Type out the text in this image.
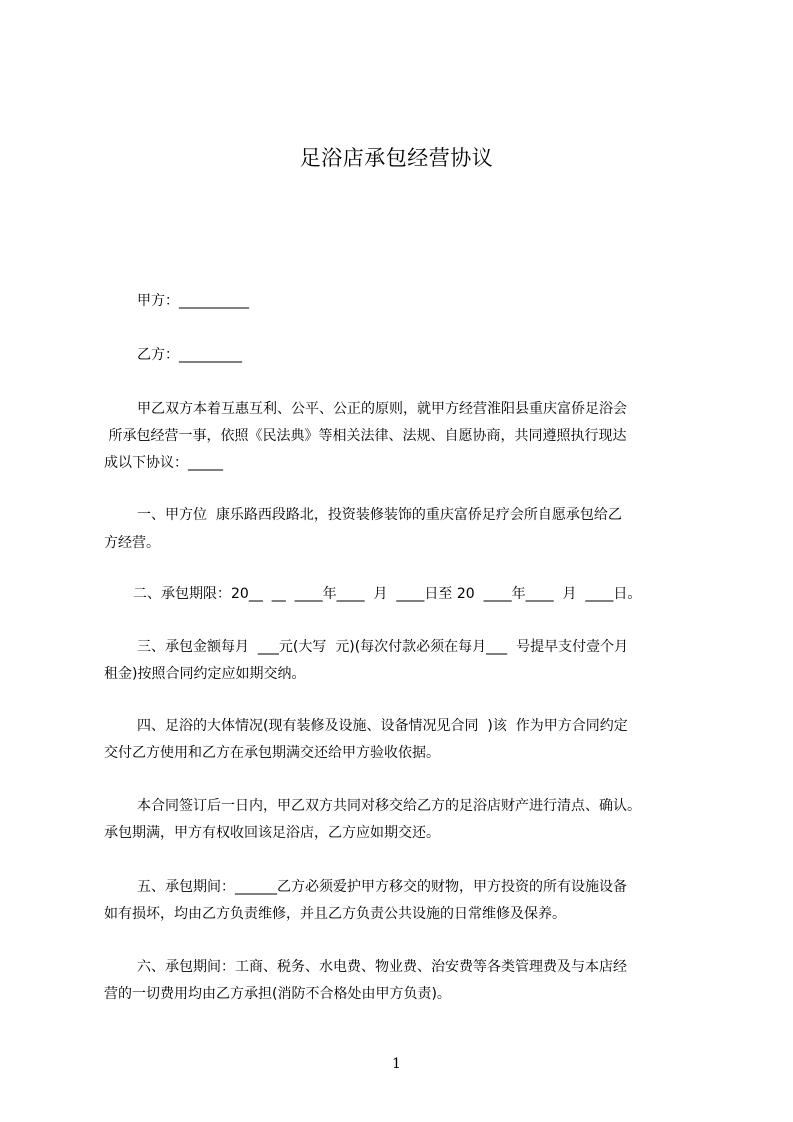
足浴店承包经营协议
甲方：__________
乙方：_________
甲乙双方本着互惠互利、公平、公正的原则，就甲方经营淮阳县重庆富侨足浴会
所承包经营一事，依照《民法典》等相关法律、法规、自愿协商，共同遵照执行现达
成以下协议：_____
一、甲方位  康乐路西段路北，投资装修装饰的重庆富侨足疗会所自愿承包给乙
方经营。
二、承包期限：20__  __  ____年____  月  ____日至 20  ____年____  月  ____日。
三、承包金额每月  ___元(大写  元)(每次付款必须在每月___  号提早支付壹个月
租金)按照合同约定应如期交纳。
四、足浴的大体情况(现有装修及设施、设备情况见合同  )该  作为甲方合同约定
交付乙方使用和乙方在承包期满交还给甲方验收依据。
本合同签订后一日内，甲乙双方共同对移交给乙方的足浴店财产进行清点、确认。
承包期满，甲方有权收回该足浴店，乙方应如期交还。
五、承包期间：______乙方必须爱护甲方移交的财物，甲方投资的所有设施设备
如有损坏，均由乙方负责维修，并且乙方负责公共设施的日常维修及保养。
六、承包期间：工商、税务、水电费、物业费、治安费等各类管理费及与本店经
营的一切费用均由乙方承担(消防不合格处由甲方负责)。
1
